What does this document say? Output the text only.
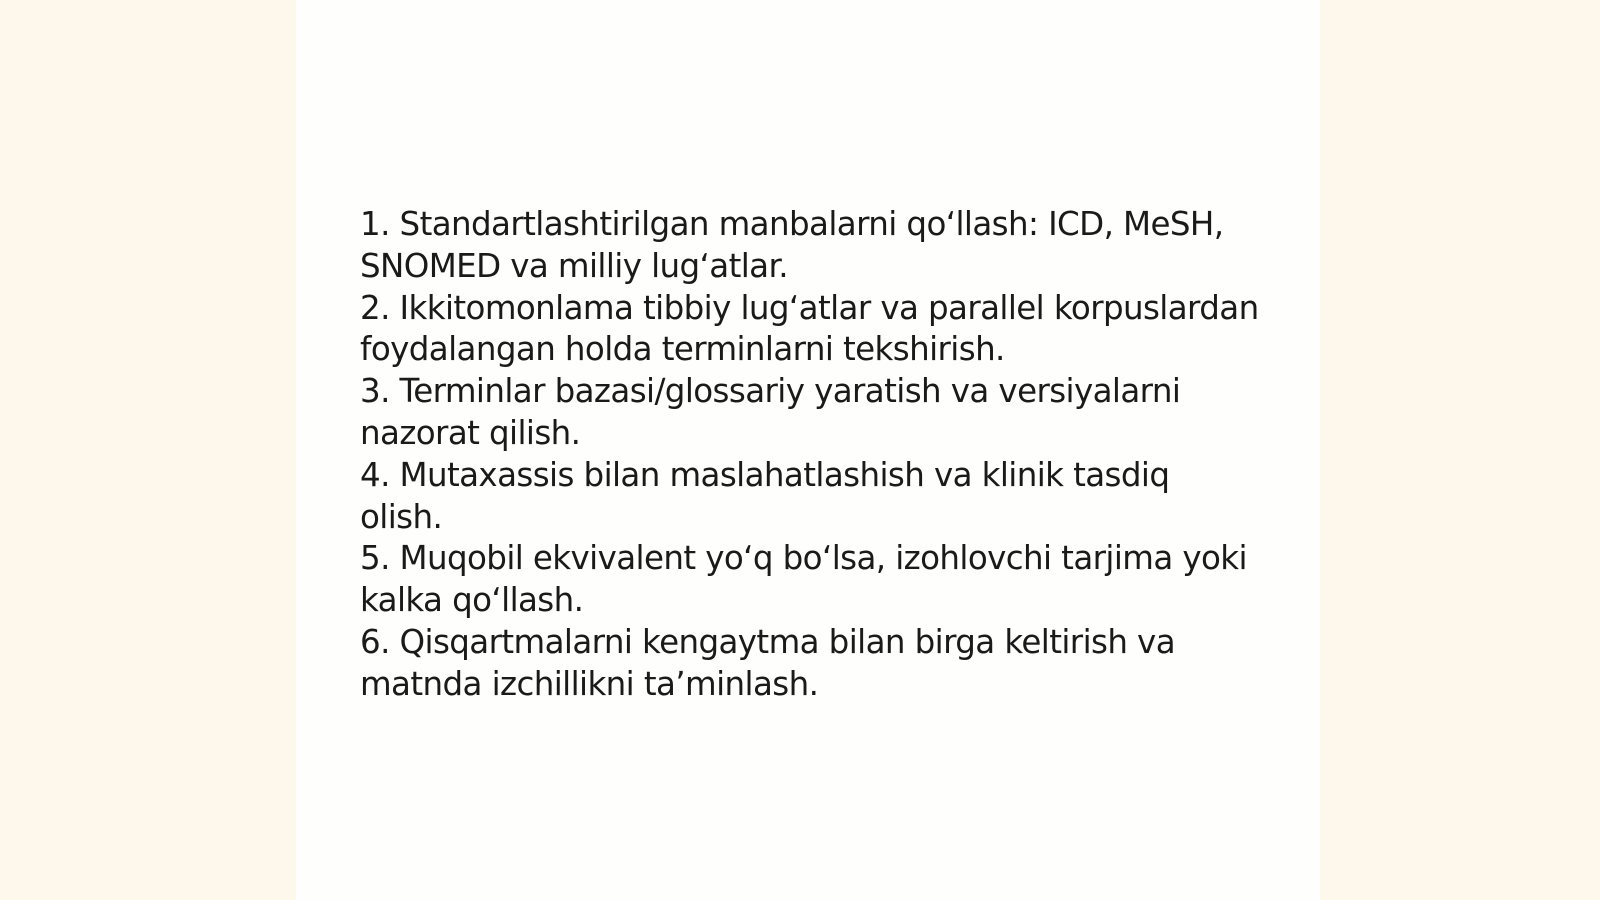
1. Standartlashtirilgan manbalarni qo‘llash: ICD, MeSH, SNOMED va milliy lug‘atlar.
2. Ikkitomonlama tibbiy lug‘atlar va parallel korpuslardan foydalangan holda terminlarni tekshirish.
3. Terminlar bazasi/glossariy yaratish va versiyalarni nazorat qilish.
4. Mutaxassis bilan maslahatlashish va klinik tasdiq olish.
5. Muqobil ekvivalent yo‘q bo‘lsa, izohlovchi tarjima yoki kalka qo‘llash.
6. Qisqartmalarni kengaytma bilan birga keltirish va matnda izchillikni ta’minlash.
